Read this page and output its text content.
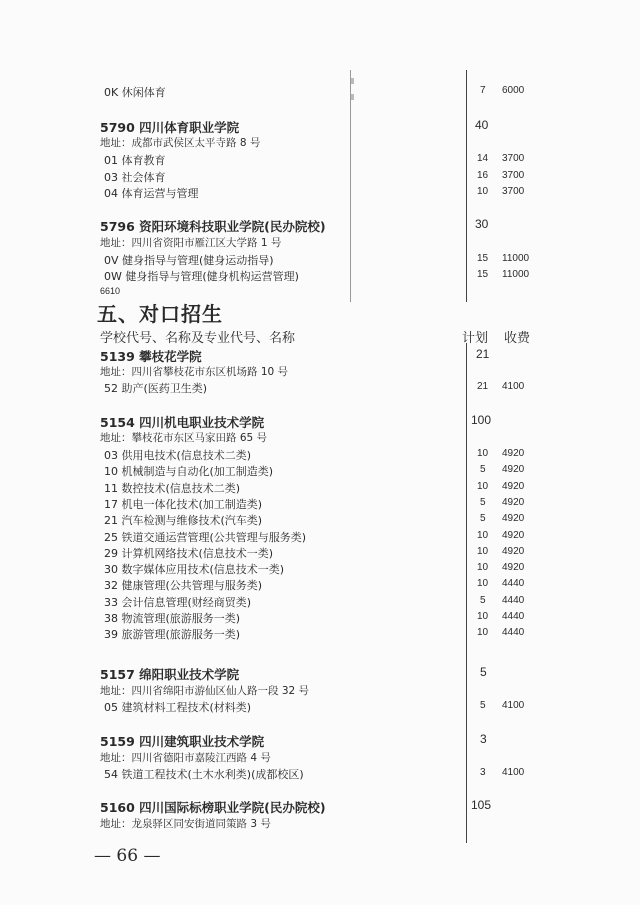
0K 休闲体育	7 6000
5790 四川体育职业学院	40
地址：成都市武侯区太平寺路 8 号
01 体育教育	14 3700
03 社会体育	16 3700
04 体育运营与管理	10 3700
5796 资阳环境科技职业学院(民办院校)	30
地址：四川省资阳市雁江区大学路 1 号
0V 健身指导与管理(健身运动指导)	15 11000
0W 健身指导与管理(健身机构运营管理)	15 11000
6610
五、对口招生
学校代号、名称及专业代号、名称	计划 收费
5139 攀枝花学院	21
地址：四川省攀枝花市东区机场路 10 号
52 助产(医药卫生类)	21 4100
5154 四川机电职业技术学院	100
地址：攀枝花市东区马家田路 65 号
03 供用电技术(信息技术二类)	10 4920
10 机械制造与自动化(加工制造类)	5 4920
11 数控技术(信息技术二类)	10 4920
17 机电一体化技术(加工制造类)	5 4920
21 汽车检测与维修技术(汽车类)	5 4920
25 铁道交通运营管理(公共管理与服务类)	10 4920
29 计算机网络技术(信息技术一类)	10 4920
30 数字媒体应用技术(信息技术一类)	10 4920
32 健康管理(公共管理与服务类)	10 4440
33 会计信息管理(财经商贸类)	5 4440
38 物流管理(旅游服务一类)	10 4440
39 旅游管理(旅游服务一类)	10 4440
5157 绵阳职业技术学院	5
地址：四川省绵阳市游仙区仙人路一段 32 号
05 建筑材料工程技术(材料类)	5 4100
5159 四川建筑职业技术学院	3
地址：四川省德阳市嘉陵江西路 4 号
54 铁道工程技术(土木水利类)(成都校区)	3 4100
5160 四川国际标榜职业学院(民办院校)	105
地址：龙泉驿区同安街道同策路 3 号
— 66 —
